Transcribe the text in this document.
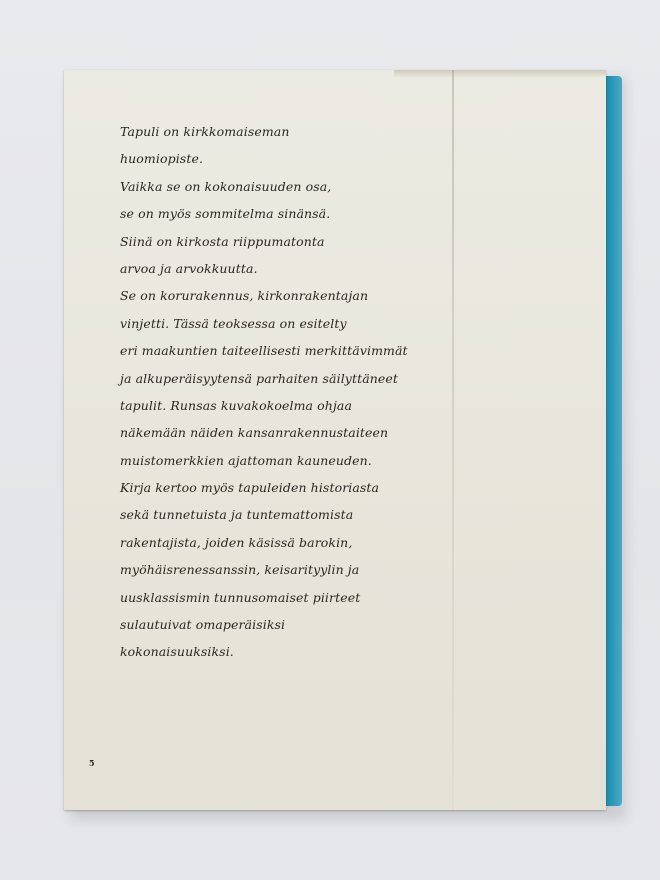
Tapuli on kirkkomaiseman
huomiopiste.
Vaikka se on kokonaisuuden osa,
se on myös sommitelma sinänsä.
Siinä on kirkosta riippumatonta
arvoa ja arvokkuutta.
Se on korurakennus, kirkonrakentajan
vinjetti. Tässä teoksessa on esitelty
eri maakuntien taiteellisesti merkittävimmät
ja alkuperäisyytensä parhaiten säilyttäneet
tapulit. Runsas kuvakokoelma ohjaa
näkemään näiden kansanrakennustaiteen
muistomerkkien ajattoman kauneuden.
Kirja kertoo myös tapuleiden historiasta
sekä tunnetuista ja tuntemattomista
rakentajista, joiden käsissä barokin,
myöhäisrenessanssin, keisarityylin ja
uusklassismin tunnusomaiset piirteet
sulautuivat omaperäisiksi
kokonaisuuksiksi.
5
